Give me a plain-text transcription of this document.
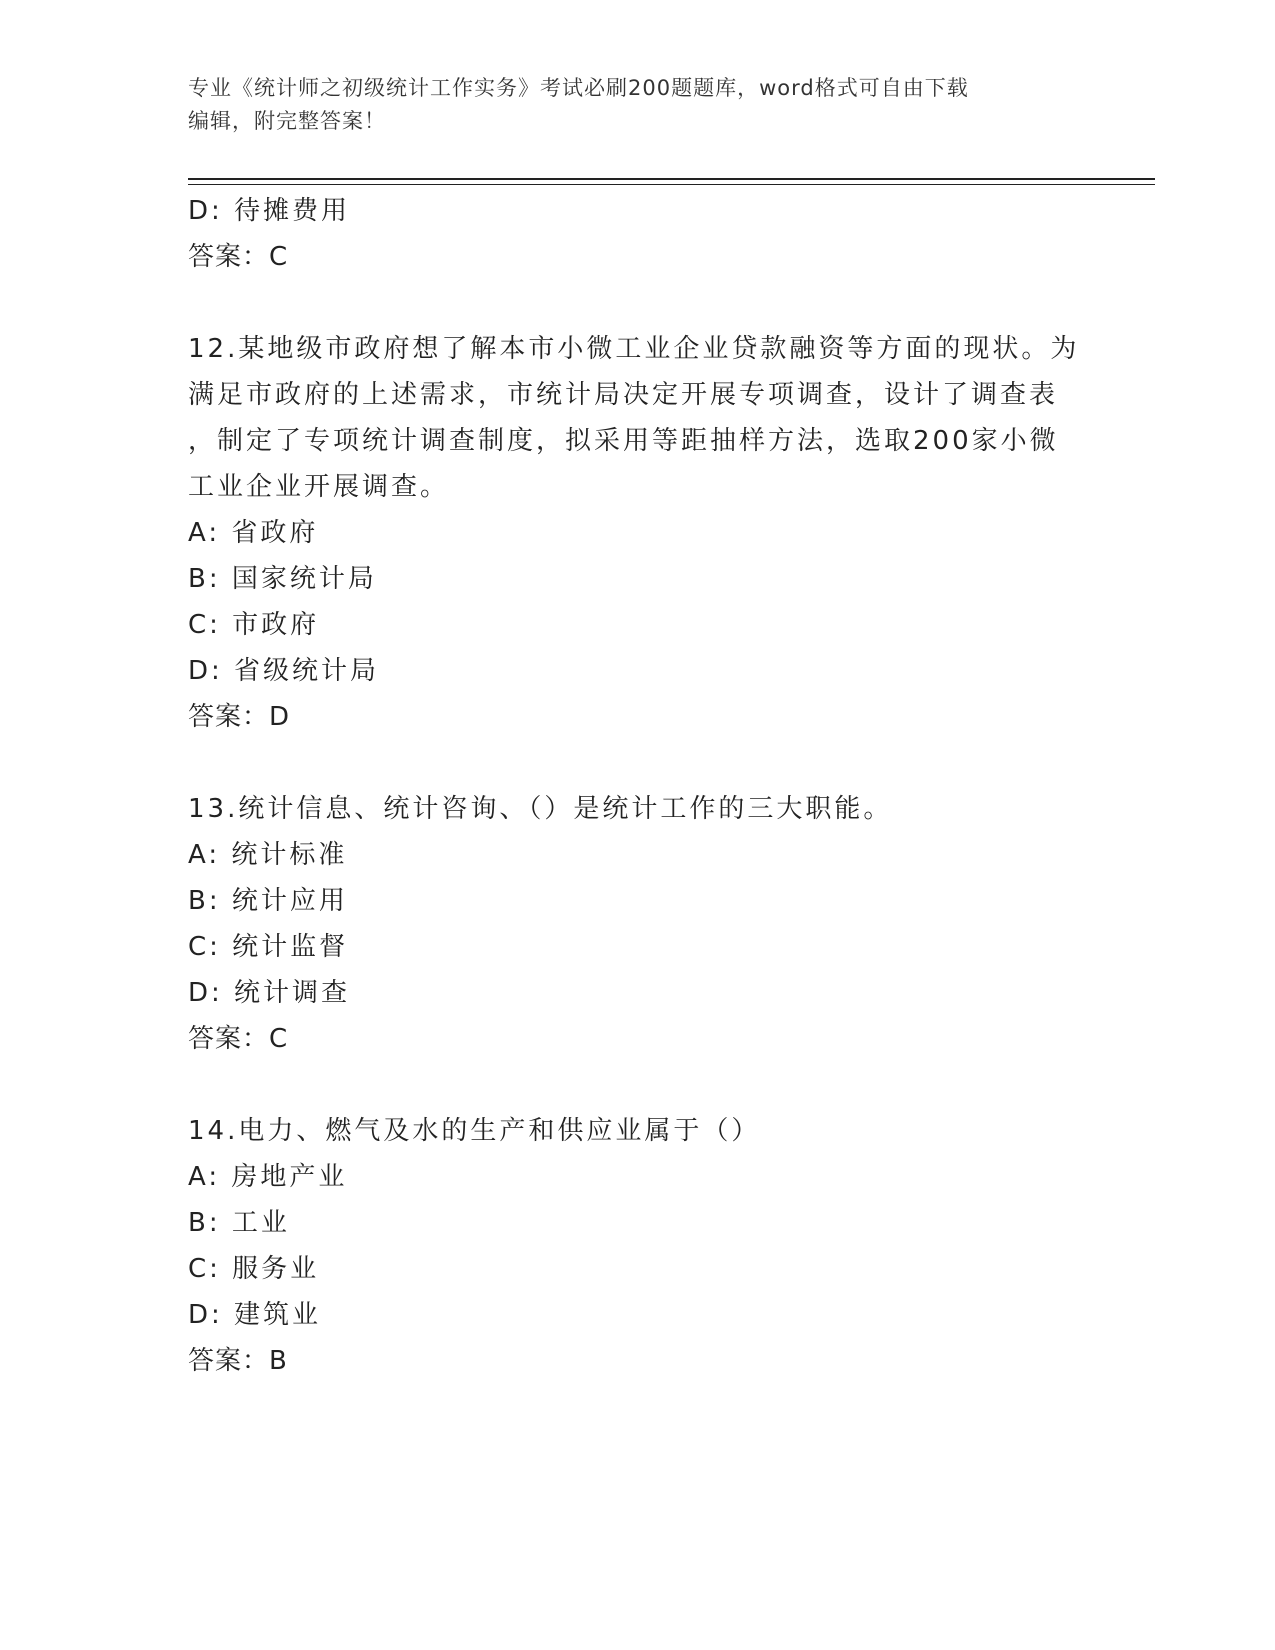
专业《统计师之初级统计工作实务》考试必刷200题题库，word格式可自由下载
编辑，附完整答案！
D: 待摊费用
答案：C
12.某地级市政府想了解本市小微工业企业贷款融资等方面的现状。为
满足市政府的上述需求，市统计局决定开展专项调查，设计了调查表
，制定了专项统计调查制度，拟采用等距抽样方法，选取200家小微
工业企业开展调查。
A: 省政府
B: 国家统计局
C: 市政府
D: 省级统计局
答案：D
13.统计信息、统计咨询、（）是统计工作的三大职能。
A: 统计标准
B: 统计应用
C: 统计监督
D: 统计调查
答案：C
14.电力、燃气及水的生产和供应业属于（）
A: 房地产业
B: 工业
C: 服务业
D: 建筑业
答案：B
